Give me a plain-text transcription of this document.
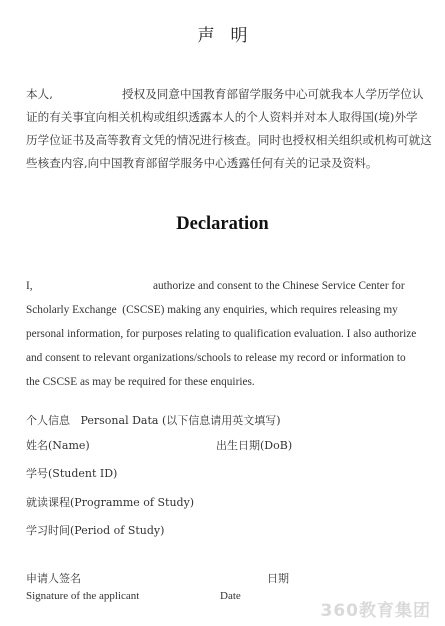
声明
本人,	授权及同意中国教育部留学服务中心可就我本人学历学位认
证的有关事宜向相关机构或组织透露本人的个人资料并对本人取得国(境)外学
历学位证书及高等教育文凭的情况进行核查。同时也授权相关组织或机构可就这
些核查内容,向中国教育部留学服务中心透露任何有关的记录及资料。
Declaration
I,	authorize and consent to the Chinese Service Center for
Scholarly Exchange  (CSCSE) making any enquiries, which requires releasing my
personal information, for purposes relating to qualification evaluation. I also authorize
and consent to relevant organizations/schools to release my record or information to
the CSCSE as may be required for these enquiries.
个人信息   Personal Data (以下信息请用英文填写)
姓名(Name)	出生日期(DoB)
学号(Student ID)
就读课程(Programme of Study)
学习时间(Period of Study)
申请人签名	日期
Signature of the applicant	Date
360教育集团
